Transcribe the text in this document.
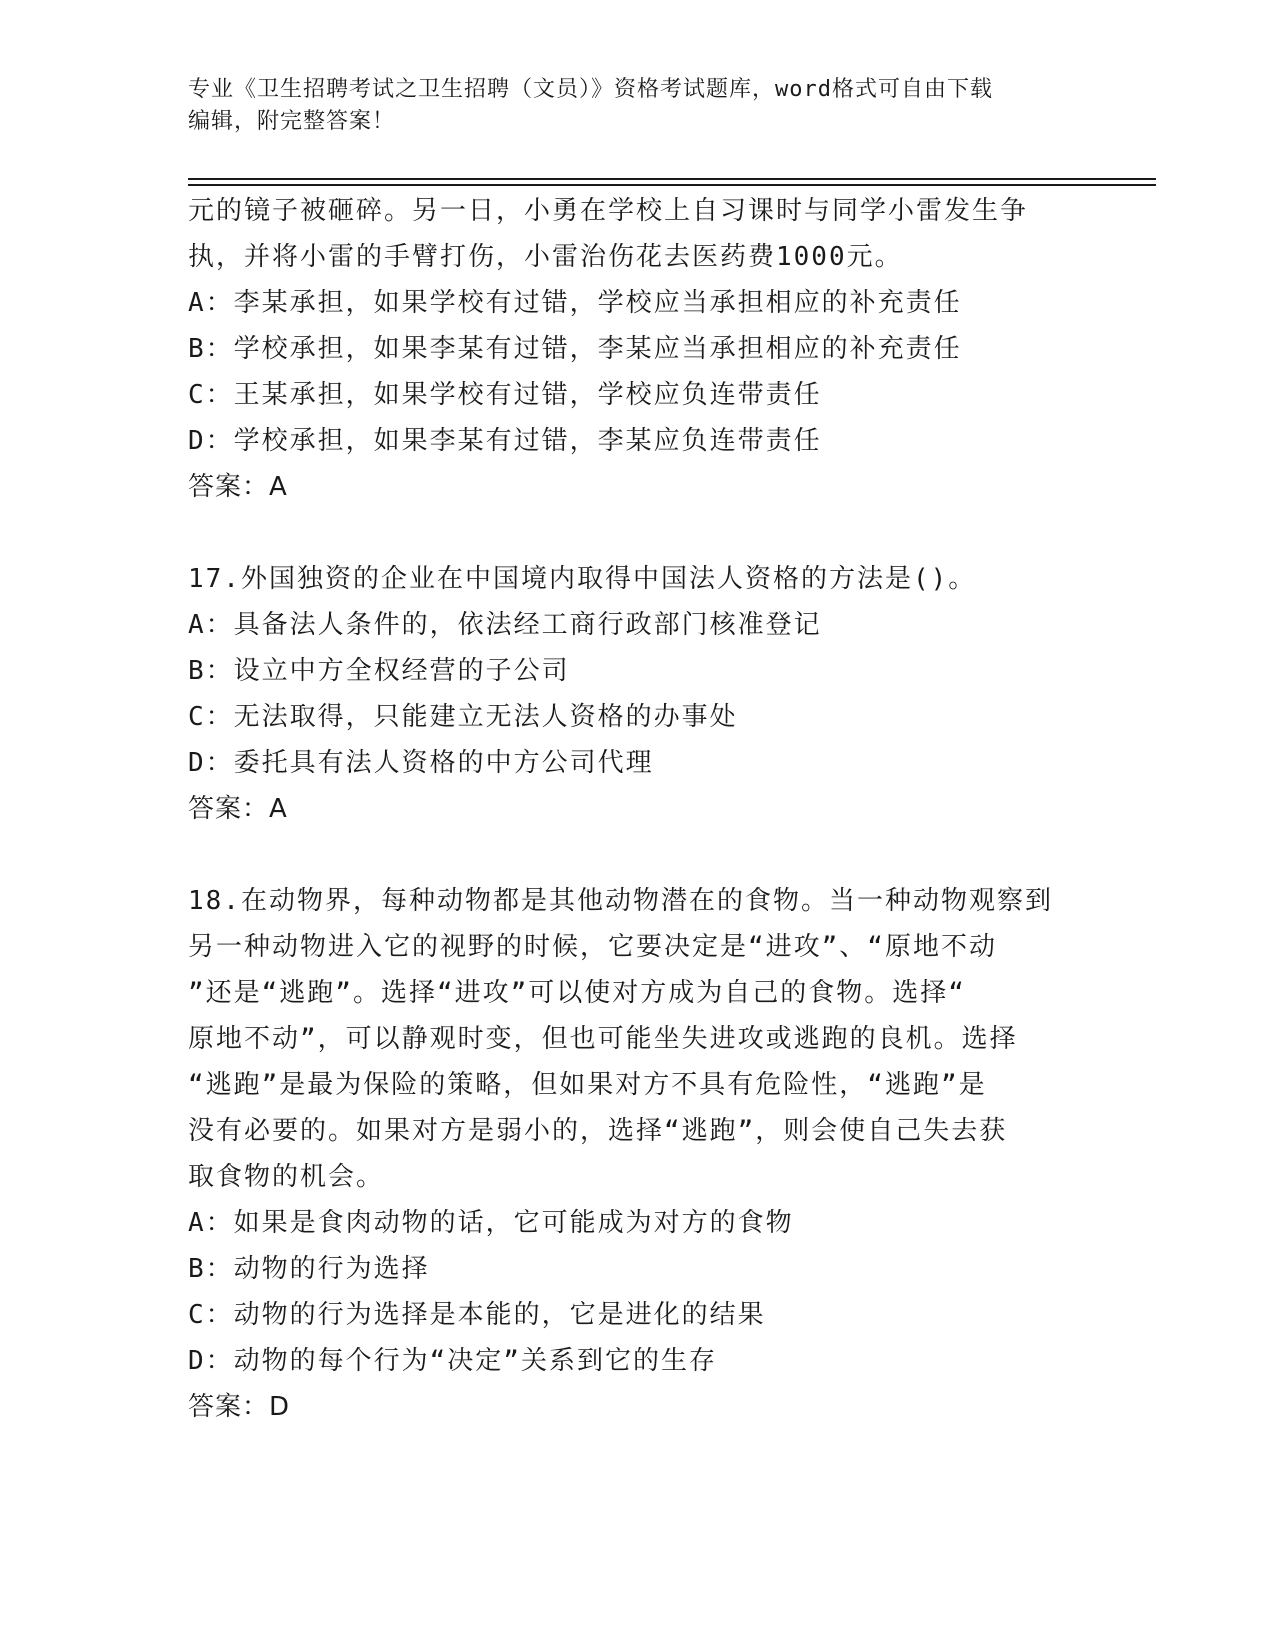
专业《卫生招聘考试之卫生招聘（文员）》资格考试题库，word格式可自由下载
编辑，附完整答案！

元的镜子被砸碎。另一日，小勇在学校上自习课时与同学小雷发生争
执，并将小雷的手臂打伤，小雷治伤花去医药费1000元。

A：李某承担，如果学校有过错，学校应当承担相应的补充责任

B：学校承担，如果李某有过错，李某应当承担相应的补充责任

C：王某承担，如果学校有过错，学校应负连带责任

D：学校承担，如果李某有过错，李某应负连带责任

答案：A

17.外国独资的企业在中国境内取得中国法人资格的方法是()。

A：具备法人条件的，依法经工商行政部门核准登记

B：设立中方全权经营的子公司

C：无法取得，只能建立无法人资格的办事处

D：委托具有法人资格的中方公司代理

答案：A

18.在动物界，每种动物都是其他动物潜在的食物。当一种动物观察到
另一种动物进入它的视野的时候，它要决定是“进攻”、“原地不动
”还是“逃跑”。选择“进攻”可以使对方成为自己的食物。选择“
原地不动”，可以静观时变，但也可能坐失进攻或逃跑的良机。选择
“逃跑”是最为保险的策略，但如果对方不具有危险性，“逃跑”是
没有必要的。如果对方是弱小的，选择“逃跑”，则会使自己失去获
取食物的机会。

A：如果是食肉动物的话，它可能成为对方的食物

B：动物的行为选择

C：动物的行为选择是本能的，它是进化的结果

D：动物的每个行为“决定”关系到它的生存

答案：D
